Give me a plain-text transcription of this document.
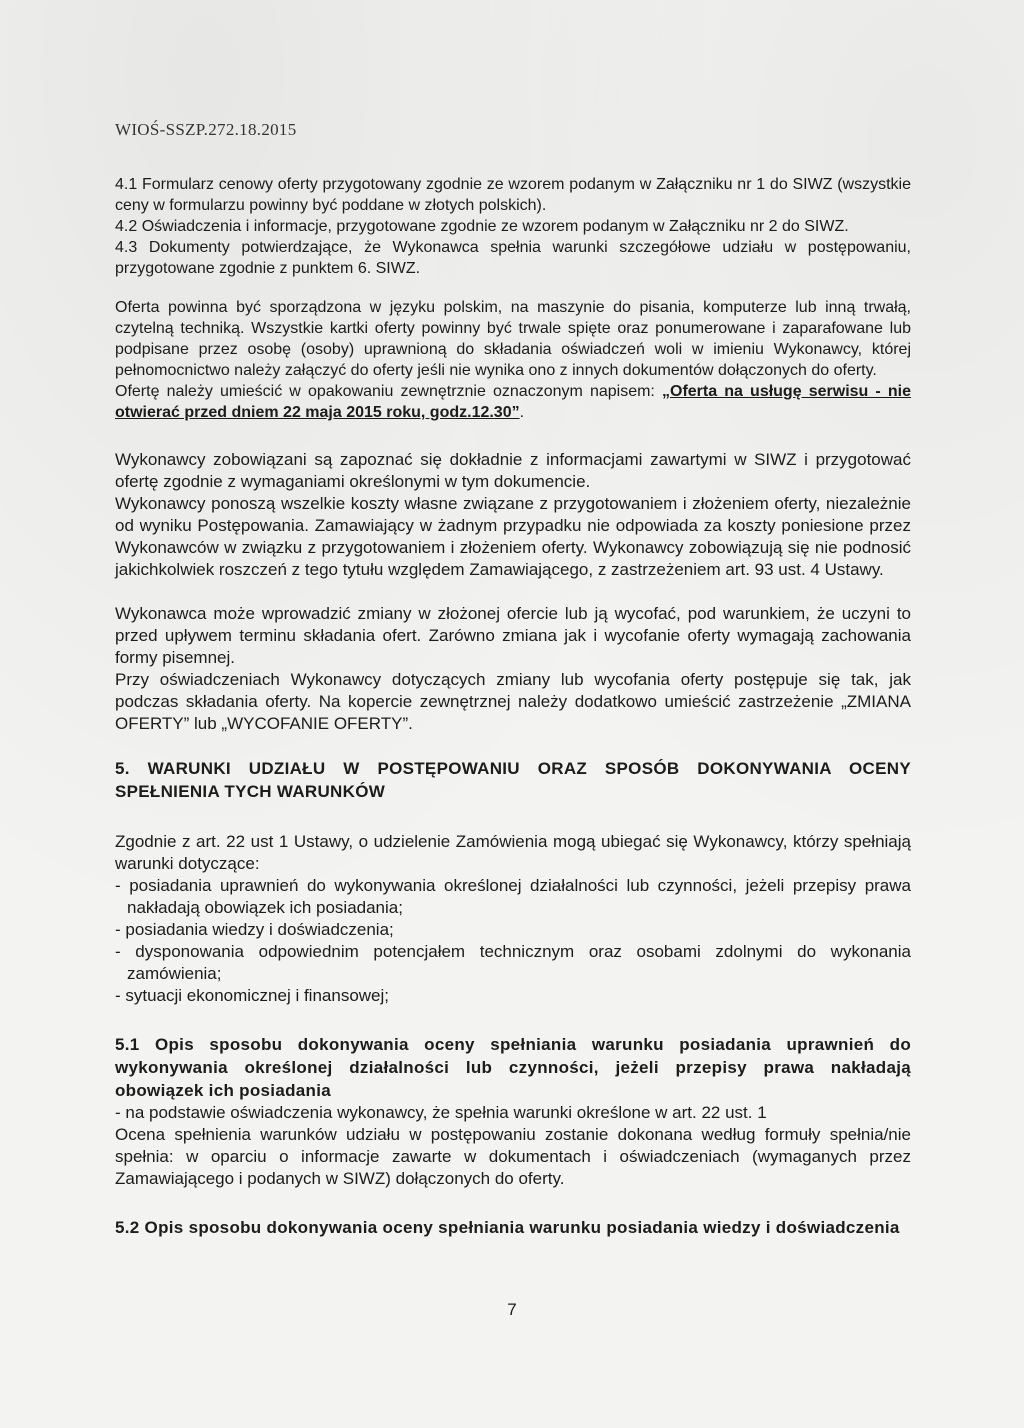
WIOŚ-SSZP.272.18.2015

4.1 Formularz cenowy oferty przygotowany zgodnie ze wzorem podanym w Załączniku nr 1 do SIWZ (wszystkie ceny w formularzu powinny być poddane w złotych polskich).

4.2 Oświadczenia i informacje, przygotowane zgodnie ze wzorem podanym w Załączniku nr 2 do SIWZ.

4.3 Dokumenty potwierdzające, że Wykonawca spełnia warunki szczegółowe udziału w postępowaniu, przygotowane zgodnie z punktem 6. SIWZ.

Oferta powinna być sporządzona w języku polskim, na maszynie do pisania, komputerze lub inną trwałą, czytelną techniką. Wszystkie kartki oferty powinny być trwale spięte oraz ponumerowane i zaparafowane lub podpisane przez osobę (osoby) uprawnioną do składania oświadczeń woli w imieniu Wykonawcy, której pełnomocnictwo należy załączyć do oferty jeśli nie wynika ono z innych dokumentów dołączonych do oferty.

Ofertę należy umieścić w opakowaniu zewnętrznie oznaczonym napisem: „Oferta na usługę serwisu - nie otwierać przed dniem 22 maja 2015 roku, godz.12.30”.

Wykonawcy zobowiązani są zapoznać się dokładnie z informacjami zawartymi w SIWZ i przygotować ofertę zgodnie z wymaganiami określonymi w tym dokumencie.

Wykonawcy ponoszą wszelkie koszty własne związane z przygotowaniem i złożeniem oferty, niezależnie od wyniku Postępowania. Zamawiający w żadnym przypadku nie odpowiada za koszty poniesione przez Wykonawców w związku z przygotowaniem i złożeniem oferty. Wykonawcy zobowiązują się nie podnosić jakichkolwiek roszczeń z tego tytułu względem Zamawiającego, z zastrzeżeniem art. 93 ust. 4 Ustawy.

Wykonawca może wprowadzić zmiany w złożonej ofercie lub ją wycofać, pod warunkiem, że uczyni to przed upływem terminu składania ofert. Zarówno zmiana jak i wycofanie oferty wymagają zachowania formy pisemnej.

Przy oświadczeniach Wykonawcy dotyczących zmiany lub wycofania oferty postępuje się tak, jak podczas składania oferty. Na kopercie zewnętrznej należy dodatkowo umieścić zastrzeżenie „ZMIANA OFERTY” lub „WYCOFANIE OFERTY”.

5. WARUNKI UDZIAŁU W POSTĘPOWANIU ORAZ SPOSÓB DOKONYWANIA OCENY SPEŁNIENIA TYCH WARUNKÓW

Zgodnie z art. 22 ust 1 Ustawy, o udzielenie Zamówienia mogą ubiegać się Wykonawcy, którzy spełniają warunki dotyczące:

- posiadania uprawnień do wykonywania określonej działalności lub czynności, jeżeli przepisy prawa nakładają obowiązek ich posiadania;

- posiadania wiedzy i doświadczenia;

- dysponowania odpowiednim potencjałem technicznym oraz osobami zdolnymi do wykonania zamówienia;

- sytuacji ekonomicznej i finansowej;

5.1 Opis sposobu dokonywania oceny spełniania warunku posiadania uprawnień do wykonywania określonej działalności lub czynności, jeżeli przepisy prawa nakładają obowiązek ich posiadania

- na podstawie oświadczenia wykonawcy, że spełnia warunki określone w art. 22 ust. 1

Ocena spełnienia warunków udziału w postępowaniu zostanie dokonana według formuły spełnia/nie spełnia: w oparciu o informacje zawarte w dokumentach i oświadczeniach (wymaganych przez Zamawiającego i podanych w SIWZ) dołączonych do oferty.

5.2 Opis sposobu dokonywania oceny spełniania warunku posiadania wiedzy i doświadczenia
7
